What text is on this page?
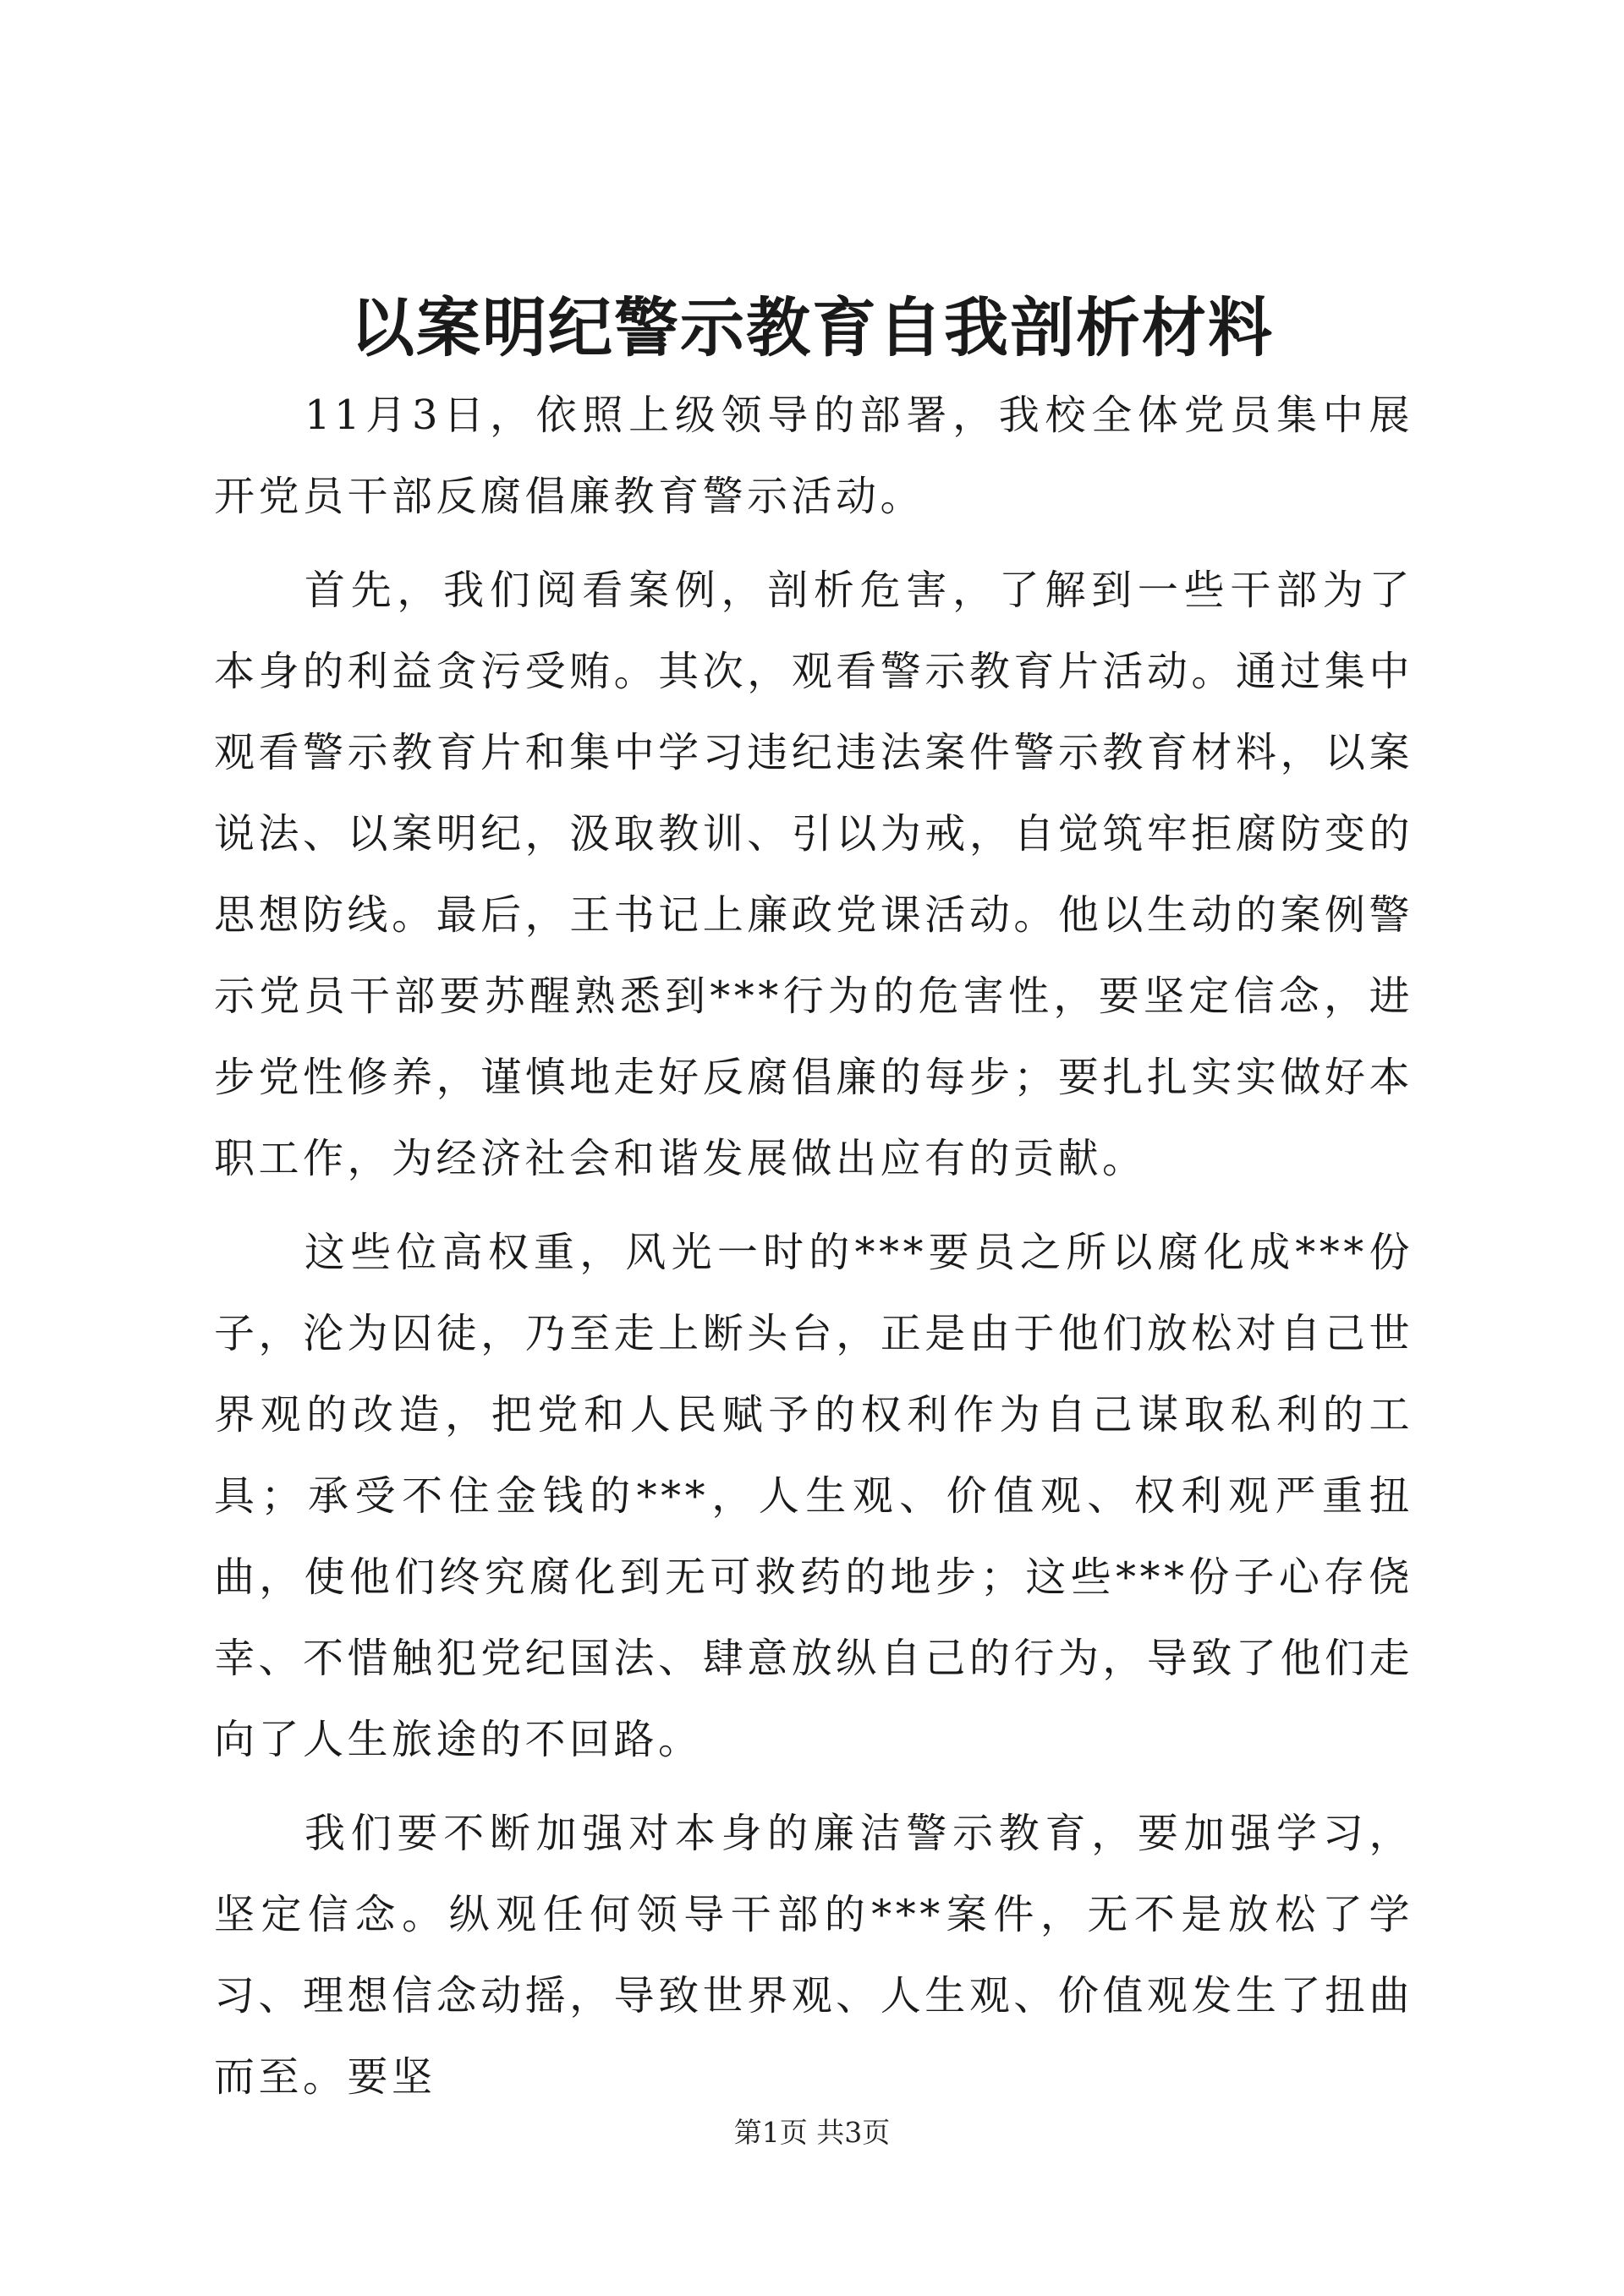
以案明纪警示教育自我剖析材料

11月3日，依照上级领导的部署，我校全体党员集中展开党员干部反腐倡廉教育警示活动。

首先，我们阅看案例，剖析危害，了解到一些干部为了本身的利益贪污受贿。其次，观看警示教育片活动。通过集中观看警示教育片和集中学习违纪违法案件警示教育材料，以案说法、以案明纪，汲取教训、引以为戒，自觉筑牢拒腐防变的思想防线。最后，王书记上廉政党课活动。他以生动的案例警示党员干部要苏醒熟悉到***行为的危害性，要坚定信念，进步党性修养，谨慎地走好反腐倡廉的每步；要扎扎实实做好本职工作，为经济社会和谐发展做出应有的贡献。

这些位高权重，风光一时的***要员之所以腐化成***份子，沦为囚徒，乃至走上断头台，正是由于他们放松对自己世界观的改造，把党和人民赋予的权利作为自己谋取私利的工具；承受不住金钱的***，人生观、价值观、权利观严重扭曲，使他们终究腐化到无可救药的地步；这些***份子心存侥幸、不惜触犯党纪国法、肆意放纵自己的行为，导致了他们走向了人生旅途的不回路。

我们要不断加强对本身的廉洁警示教育，要加强学习，坚定信念。纵观任何领导干部的***案件，无不是放松了学习、理想信念动摇，导致世界观、人生观、价值观发生了扭曲而至。要坚

第1页 共3页
